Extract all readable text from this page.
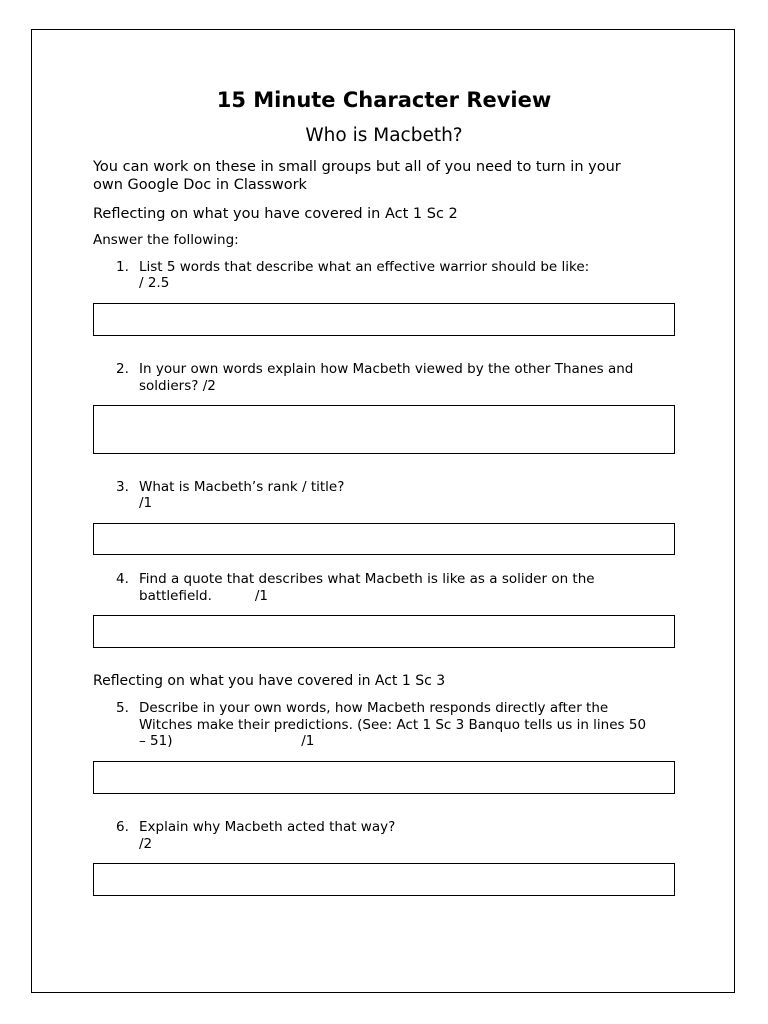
15 Minute Character Review
Who is Macbeth?

You can work on these in small groups but all of you need to turn in your

own Google Doc in Classwork

Reflecting on what you have covered in Act 1 Sc 2

Answer the following:

1. List 5 words that describe what an effective warrior should be like:
/ 2.5
2. In your own words explain how Macbeth viewed by the other Thanes and
soldiers? /2
3. What is Macbeth’s rank / title?
/1
4. Find a quote that describes what Macbeth is like as a solider on the
battlefield.          /1

Reflecting on what you have covered in Act 1 Sc 3

5. Describe in your own words, how Macbeth responds directly after the
Witches make their predictions. (See: Act 1 Sc 3 Banquo tells us in lines 50
– 51)                              /1
6. Explain why Macbeth acted that way?
/2
